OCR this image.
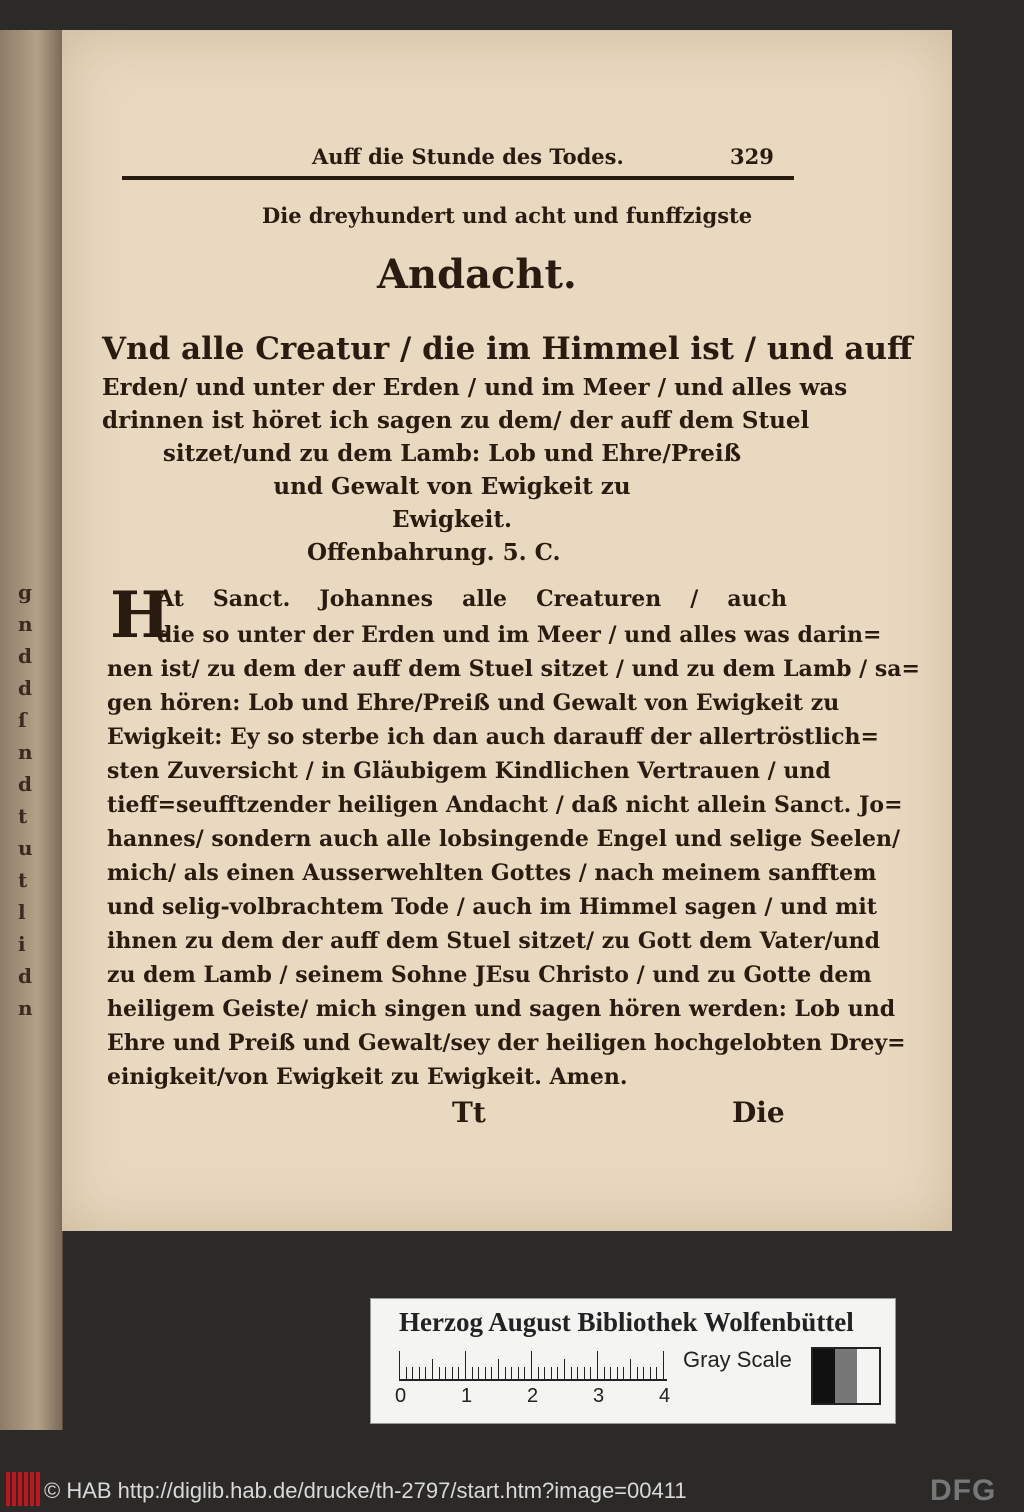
g
n
d
d
ſ
n
d
t
u
t
l
i
d
n
Auff die Stunde des Todes.	329
Die dreyhundert und acht und funffzigste
Andacht.
Vnd alle Creatur / die im Himmel ist / und auff
Erden/ und unter der Erden / und im Meer / und alles was
drinnen ist höret ich sagen zu dem/ der auff dem Stuel
sitzet/und zu dem Lamb: Lob und Ehre/Preiß
und Gewalt von Ewigkeit zu
Ewigkeit.
Offenbahrung. 5. C.
H
At Sanct. Johannes alle Creaturen / auch
die so unter der Erden und im Meer / und alles was darin=
nen ist/ zu dem der auff dem Stuel sitzet / und zu dem Lamb / sa=
gen hören: Lob und Ehre/Preiß und Gewalt von Ewigkeit zu
Ewigkeit: Ey so sterbe ich dan auch darauff der allertröstlich=
sten Zuversicht / in Gläubigem Kindlichen Vertrauen / und
tieff=seufftzender heiligen Andacht / daß nicht allein Sanct. Jo=
hannes/ sondern auch alle lobsingende Engel und selige Seelen/
mich/ als einen Ausserwehlten Gottes / nach meinem sanfftem
und selig-volbrachtem Tode / auch im Himmel sagen / und mit
ihnen zu dem der auff dem Stuel sitzet/ zu Gott dem Vater/und
zu dem Lamb / seinem Sohne JEsu Christo / und zu Gotte dem
heiligem Geiste/ mich singen und sagen hören werden: Lob und
Ehre und Preiß und Gewalt/sey der heiligen hochgelobten Drey=
einigkeit/von Ewigkeit zu Ewigkeit. Amen.
Tt	Die
Herzog August Bibliothek Wolfenbüttel
0	1	2	3	4
Gray Scale
© HAB http://diglib.hab.de/drucke/th-2797/start.htm?image=00411	DFG
